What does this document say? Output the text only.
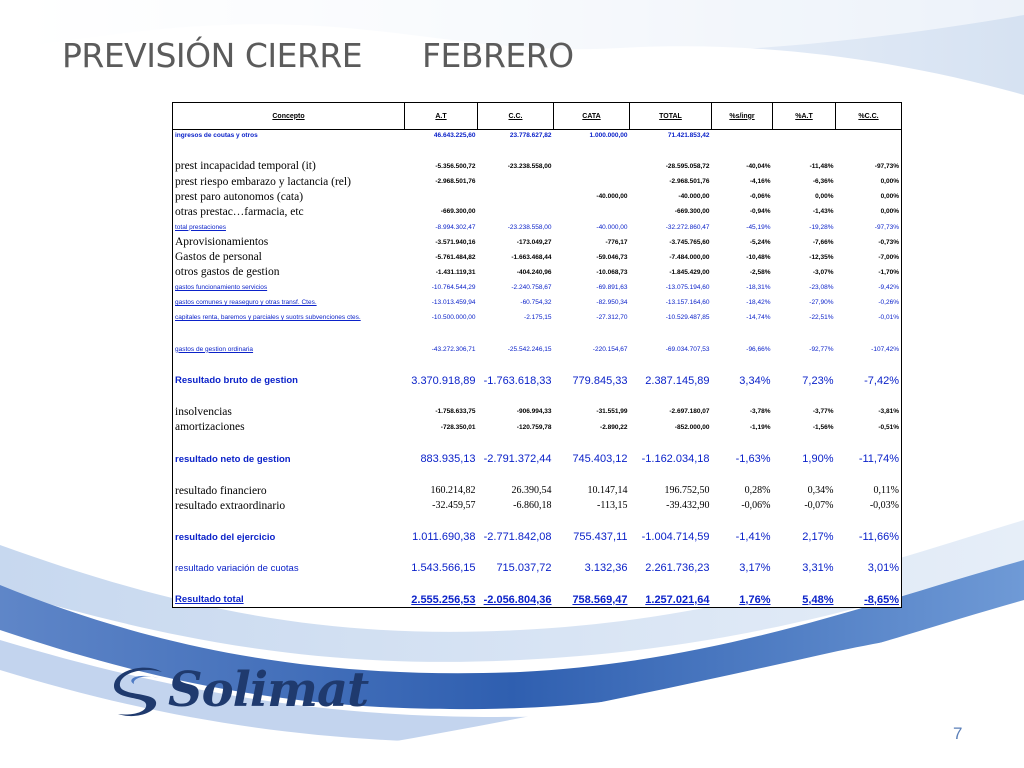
PREVISIÓN CIERRE FEBRERO
Concepto	A.T	C.C.	CATA	TOTAL	%s/ingr	%A.T	%C.C.
ingresos de coutas y otros	46.643.225,60	23.778.627,82	1.000.000,00	71.421.853,42			

prest incapacidad temporal (it)	-5.356.500,72	-23.238.558,00		-28.595.058,72	-40,04%	-11,48%	-97,73%
prest riespo embarazo y lactancia (rel)	-2.968.501,76			-2.968.501,76	-4,16%	-6,36%	0,00%
prest paro autonomos (cata)			-40.000,00	-40.000,00	-0,06%	0,00%	0,00%
otras prestac…farmacia, etc	-669.300,00			-669.300,00	-0,94%	-1,43%	0,00%
total prestaciones	-8.994.302,47	-23.238.558,00	-40.000,00	-32.272.860,47	-45,19%	-19,28%	-97,73%
Aprovisionamientos	-3.571.940,16	-173.049,27	-776,17	-3.745.765,60	-5,24%	-7,66%	-0,73%
Gastos de personal	-5.761.484,82	-1.663.468,44	-59.046,73	-7.484.000,00	-10,48%	-12,35%	-7,00%
otros gastos de gestion	-1.431.119,31	-404.240,96	-10.068,73	-1.845.429,00	-2,58%	-3,07%	-1,70%
gastos funcionamiento servicios	-10.764.544,29	-2.240.758,67	-69.891,63	-13.075.194,60	-18,31%	-23,08%	-9,42%
gastos comunes y reaseguro y otras transf. Ctes.	-13.013.459,94	-60.754,32	-82.950,34	-13.157.164,60	-18,42%	-27,90%	-0,26%
capitales renta, baremos y parciales y suotrs subvenciones ctes.	-10.500.000,00	-2.175,15	-27.312,70	-10.529.487,85	-14,74%	-22,51%	-0,01%

gastos de gestion ordinaria	-43.272.306,71	-25.542.246,15	-220.154,67	-69.034.707,53	-96,66%	-92,77%	-107,42%

Resultado bruto de gestion	3.370.918,89	-1.763.618,33	779.845,33	2.387.145,89	3,34%	7,23%	-7,42%

insolvencias	-1.758.633,75	-906.994,33	-31.551,99	-2.697.180,07	-3,78%	-3,77%	-3,81%
amortizaciones	-728.350,01	-120.759,78	-2.890,22	-852.000,00	-1,19%	-1,56%	-0,51%

resultado neto de gestion	883.935,13	-2.791.372,44	745.403,12	-1.162.034,18	-1,63%	1,90%	-11,74%

resultado financiero	160.214,82	26.390,54	10.147,14	196.752,50	0,28%	0,34%	0,11%
resultado extraordinario	-32.459,57	-6.860,18	-113,15	-39.432,90	-0,06%	-0,07%	-0,03%

resultado del ejercicio	1.011.690,38	-2.771.842,08	755.437,11	-1.004.714,59	-1,41%	2,17%	-11,66%

resultado variación de cuotas	1.543.566,15	715.037,72	3.132,36	2.261.736,23	3,17%	3,31%	3,01%

Resultado total	2.555.256,53	-2.056.804,36	758.569,47	1.257.021,64	1,76%	5,48%	-8,65%
Solimat
7
